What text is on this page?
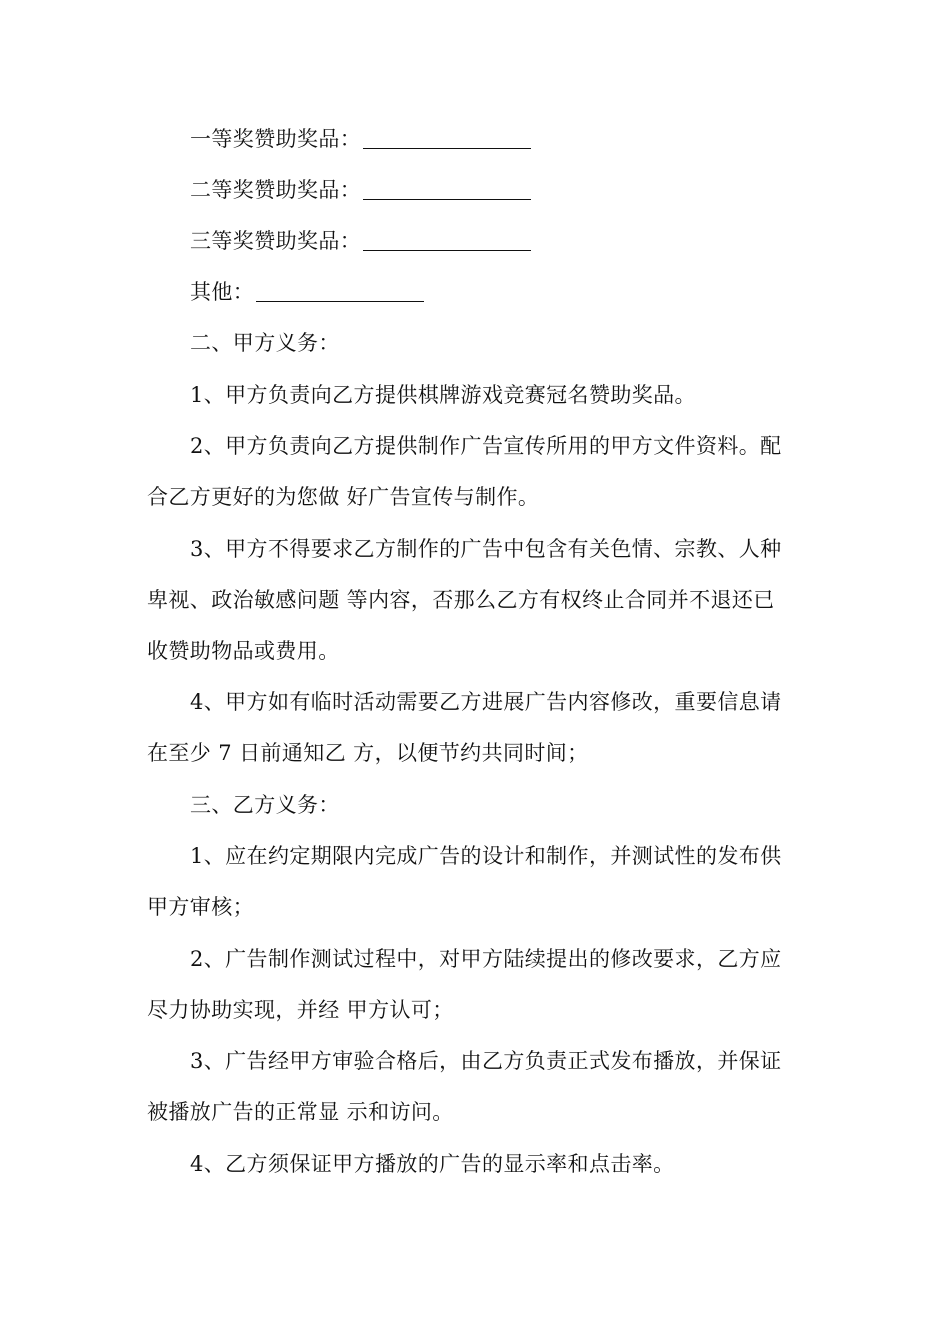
一等奖赞助奖品：
二等奖赞助奖品：
三等奖赞助奖品：
其他：
二、甲方义务：
1、甲方负责向乙方提供棋牌游戏竞赛冠名赞助奖品。
2、甲方负责向乙方提供制作广告宣传所用的甲方文件资料。配
合乙方更好的为您做 好广告宣传与制作。
3、甲方不得要求乙方制作的广告中包含有关色情、宗教、人种
卑视、政治敏感问题 等内容，否那么乙方有权终止合同并不退还已
收赞助物品或费用。
4、甲方如有临时活动需要乙方进展广告内容修改，重要信息请
在至少 7 日前通知乙 方，以便节约共同时间；
三、乙方义务：
1、应在约定期限内完成广告的设计和制作，并测试性的发布供
甲方审核；
2、广告制作测试过程中，对甲方陆续提出的修改要求，乙方应
尽力协助实现，并经 甲方认可；
3、广告经甲方审验合格后，由乙方负责正式发布播放，并保证
被播放广告的正常显 示和访问。
4、乙方须保证甲方播放的广告的显示率和点击率。
